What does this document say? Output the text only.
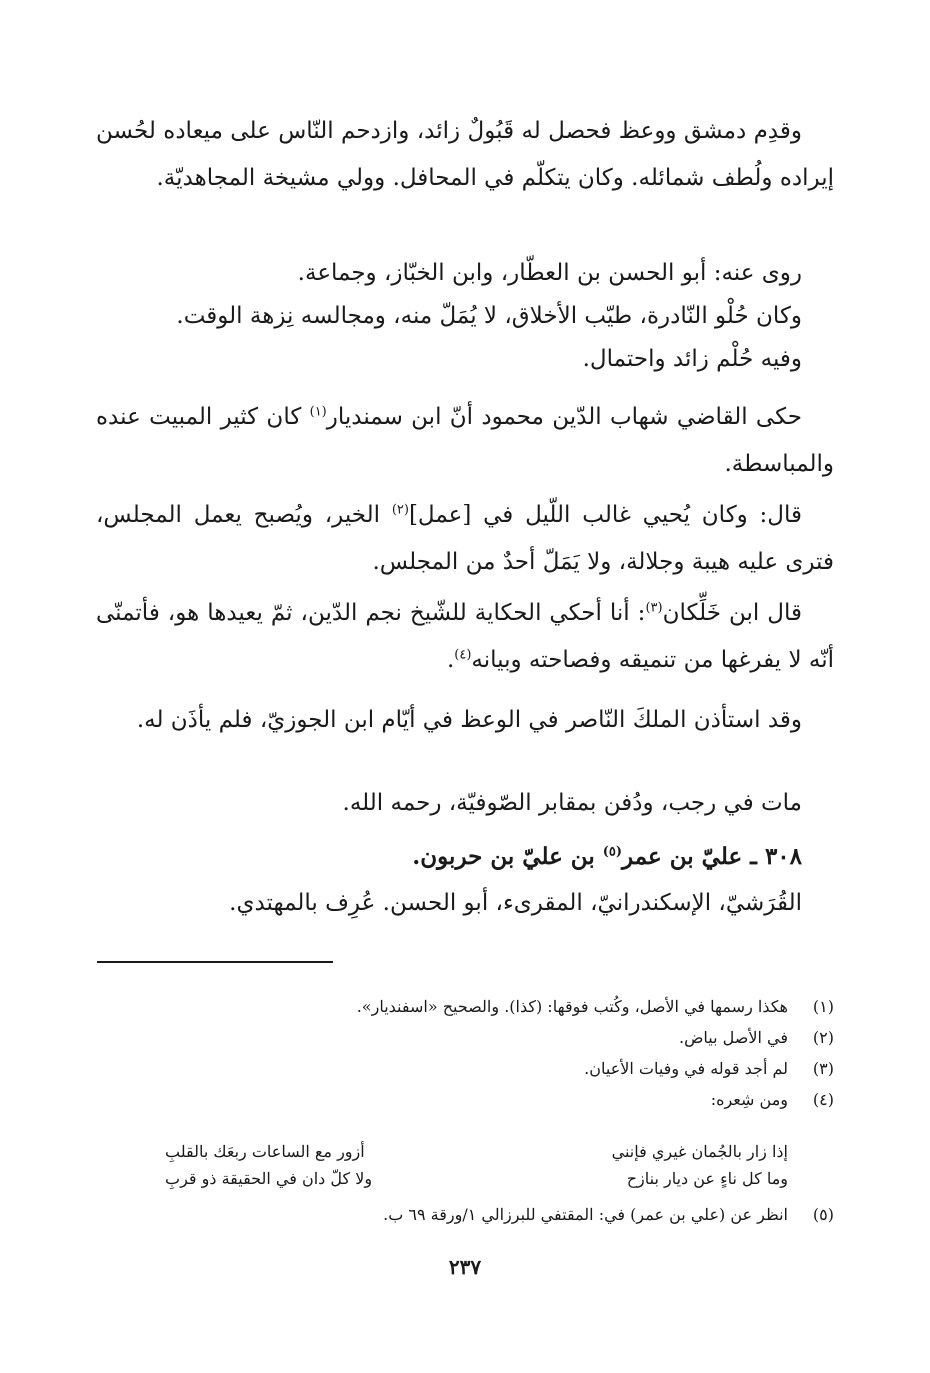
وقدِم دمشق ووعظ فحصل له قَبُولٌ زائد، وازدحم النّاس على ميعاده لحُسن إيراده ولُطف شمائله. وكان يتكلّم في المحافل. وولي مشيخة المجاهديّة.

روى عنه: أبو الحسن بن العطّار، وابن الخبّاز، وجماعة.
وكان حُلْو النّادرة، طيّب الأخلاق، لا يُمَلّ منه، ومجالسه نِزهة الوقت.
وفيه حُلْم زائد واحتمال.

حكى القاضي شهاب الدّين محمود أنّ ابن سمنديار$^{(١)}$ كان كثير المبيت عنده والمباسطة.

قال: وكان يُحيي غالب اللّيل في [عمل]$^{(٢)}$ الخير، ويُصبح يعمل المجلس، فترى عليه هيبة وجلالة، ولا يَمَلّ أحدٌ من المجلس.

قال ابن خَلِّكان$^{(٣)}$: أنا أحكي الحكاية للشّيخ نجم الدّين، ثمّ يعيدها هو، فأتمنّى أنّه لا يفرغها من تنميقه وفصاحته وبيانه$^{(٤)}$.

وقد استأذن الملكَ النّاصر في الوعظ في أيّام ابن الجوزيّ، فلم يأذَن له.

مات في رجب، ودُفن بمقابر الصّوفيّة، رحمه الله.
٣٠٨ ـ عليّ بن عمر$^{(٥)}$ بن عليّ بن حربون.
القُرَشيّ، الإسكندرانيّ، المقرىء، أبو الحسن. عُرِف بالمهتدي.
(١)هكذا رسمها في الأصل، وكُتب فوقها: (كذا). والصحيح «اسفنديار».
(٢)في الأصل بياض.
(٣)لم أجد قوله في وفيات الأعيان.
(٤)ومن شِعره:
إذا زار بالجُمان غيري فإنني
أزور مع الساعات ربعَك بالقلبِ
وما كل ناءٍ عن ديار بنازح
ولا كلّ دان في الحقيقة ذو قربِ
(٥)انظر عن (علي بن عمر) في: المقتفي للبرزالي ١/ورقة ٦٩ ب.
٢٣٧
